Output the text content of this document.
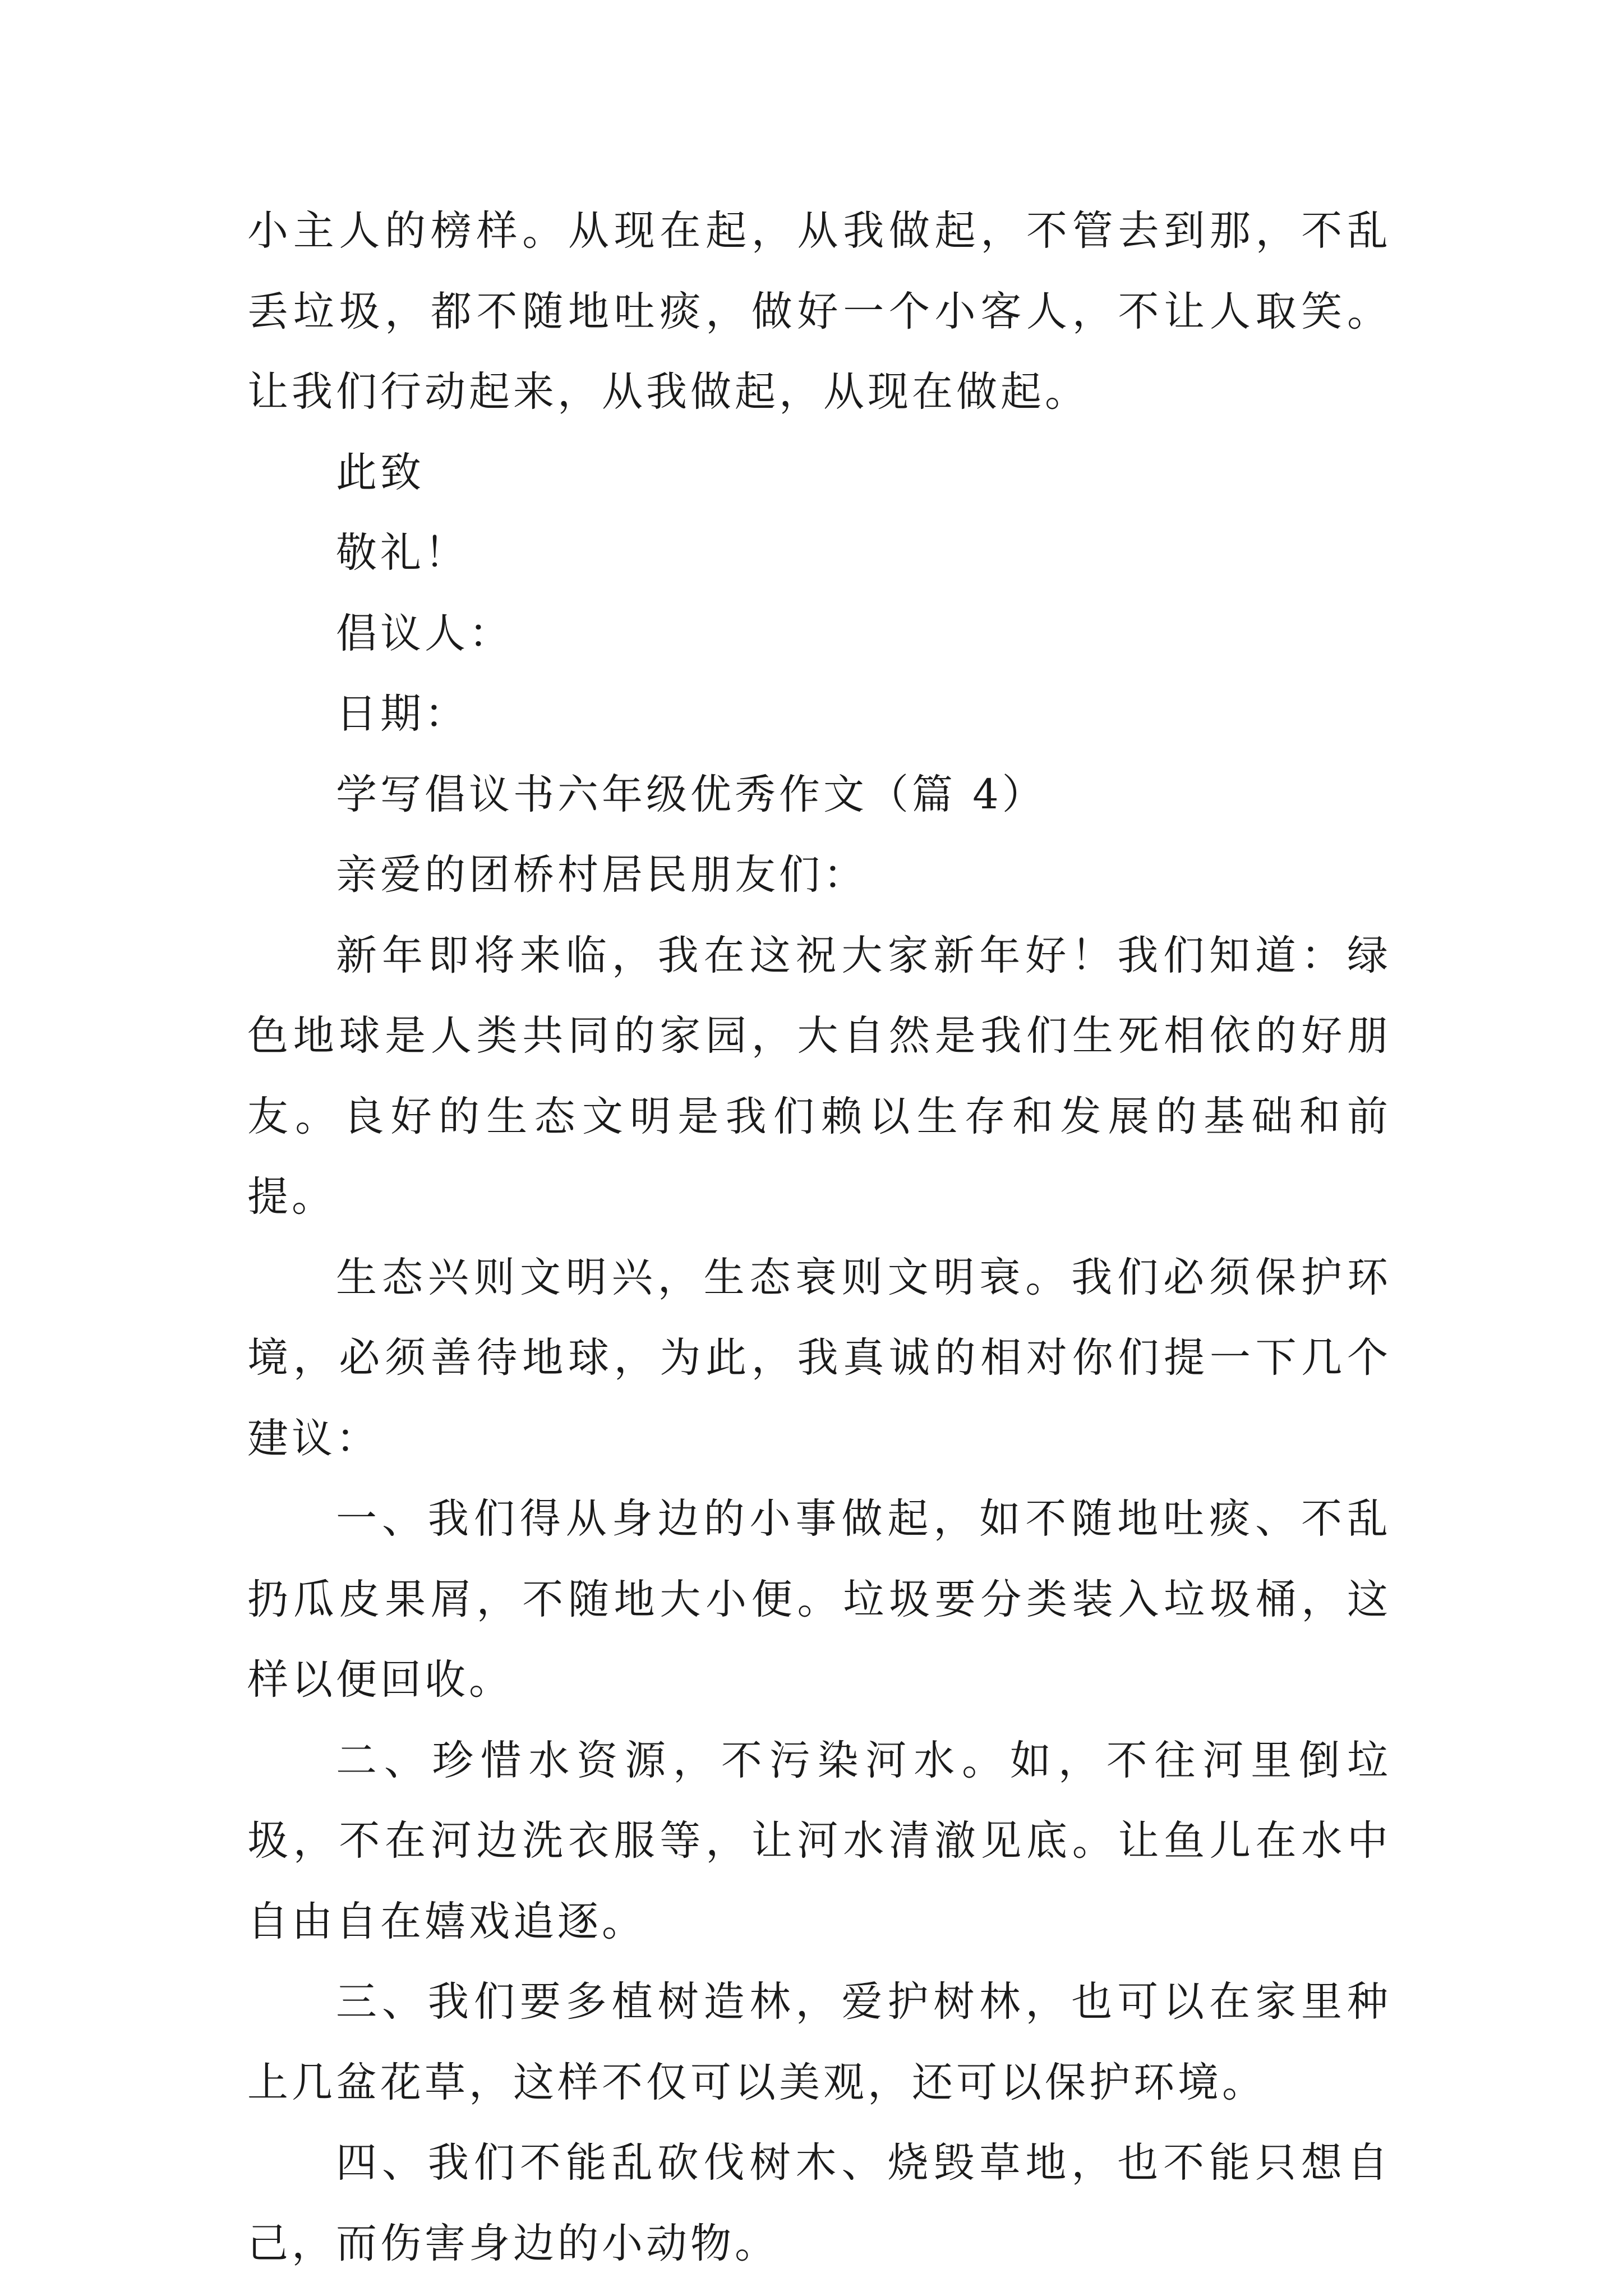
小主人的榜样。从现在起，从我做起，不管去到那，不乱丢垃圾，都不随地吐痰，做好一个小客人，不让人取笑。让我们行动起来，从我做起，从现在做起。

此致

敬礼！

倡议人：

日期：

学写倡议书六年级优秀作文（篇 4）

亲爱的团桥村居民朋友们：

新年即将来临，我在这祝大家新年好！我们知道：绿色地球是人类共同的家园，大自然是我们生死相依的好朋友。良好的生态文明是我们赖以生存和发展的基础和前提。

生态兴则文明兴，生态衰则文明衰。我们必须保护环境，必须善待地球，为此，我真诚的相对你们提一下几个建议：

一、我们得从身边的小事做起，如不随地吐痰、不乱扔瓜皮果屑，不随地大小便。垃圾要分类装入垃圾桶，这样以便回收。

二、珍惜水资源，不污染河水。如，不往河里倒垃圾，不在河边洗衣服等，让河水清澈见底。让鱼儿在水中自由自在嬉戏追逐。

三、我们要多植树造林，爱护树林，也可以在家里种上几盆花草，这样不仅可以美观，还可以保护环境。

四、我们不能乱砍伐树木、烧毁草地，也不能只想自己，而伤害身边的小动物。
